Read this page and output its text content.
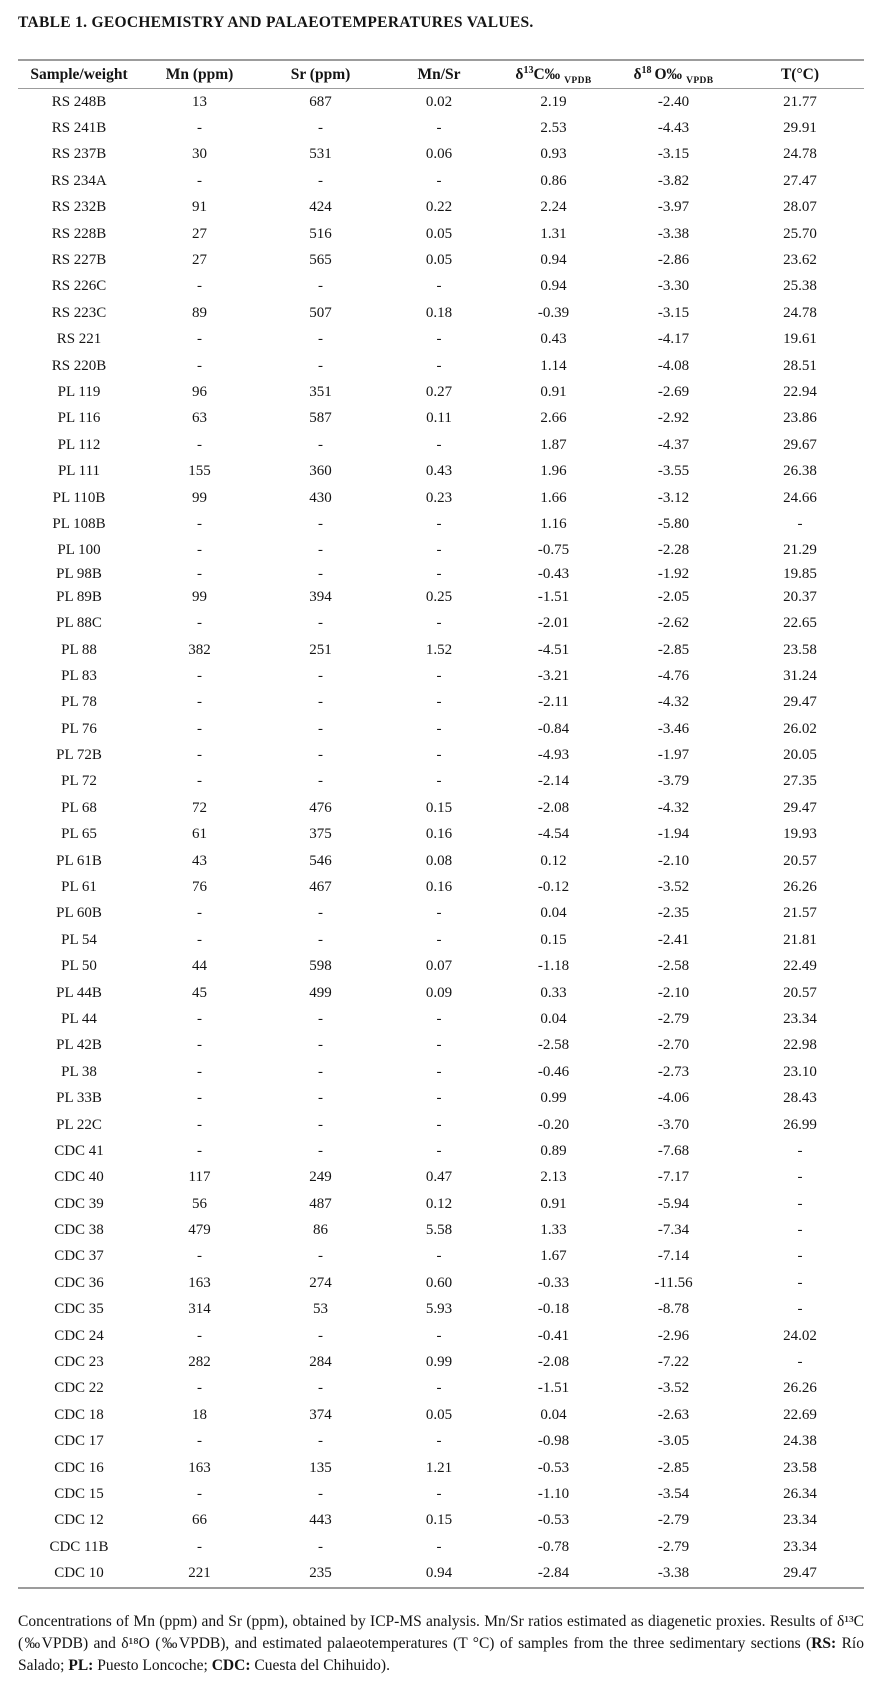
TABLE 1. GEOCHEMISTRY AND PALAEOTEMPERATURES VALUES.
Sample/weight	Mn (ppm)	Sr (ppm)	Mn/Sr	$\delta^{13}C‰$ $_{VPDB}$	$\delta^{18}$ O‰ $_{VPDB}$	T(°C)
RS 248B	13	687	0.02	2.19	-2.40	21.77
RS 241B	-	-	-	2.53	-4.43	29.91
RS 237B	30	531	0.06	0.93	-3.15	24.78
RS 234A	-	-	-	0.86	-3.82	27.47
RS 232B	91	424	0.22	2.24	-3.97	28.07
RS 228B	27	516	0.05	1.31	-3.38	25.70
RS 227B	27	565	0.05	0.94	-2.86	23.62
RS 226C	-	-	-	0.94	-3.30	25.38
RS 223C	89	507	0.18	-0.39	-3.15	24.78
RS 221	-	-	-	0.43	-4.17	19.61
RS 220B	-	-	-	1.14	-4.08	28.51
PL 119	96	351	0.27	0.91	-2.69	22.94
PL 116	63	587	0.11	2.66	-2.92	23.86
PL 112	-	-	-	1.87	-4.37	29.67
PL 111	155	360	0.43	1.96	-3.55	26.38
PL 110B	99	430	0.23	1.66	-3.12	24.66
PL 108B	-	-	-	1.16	-5.80	-
PL 100	-	-	-	-0.75	-2.28	21.29
PL 98B	-	-	-	-0.43	-1.92	19.85
PL 89B	99	394	0.25	-1.51	-2.05	20.37
PL 88C	-	-	-	-2.01	-2.62	22.65
PL 88	382	251	1.52	-4.51	-2.85	23.58
PL 83	-	-	-	-3.21	-4.76	31.24
PL 78	-	-	-	-2.11	-4.32	29.47
PL 76	-	-	-	-0.84	-3.46	26.02
PL 72B	-	-	-	-4.93	-1.97	20.05
PL 72	-	-	-	-2.14	-3.79	27.35
PL 68	72	476	0.15	-2.08	-4.32	29.47
PL 65	61	375	0.16	-4.54	-1.94	19.93
PL 61B	43	546	0.08	0.12	-2.10	20.57
PL 61	76	467	0.16	-0.12	-3.52	26.26
PL 60B	-	-	-	0.04	-2.35	21.57
PL 54	-	-	-	0.15	-2.41	21.81
PL 50	44	598	0.07	-1.18	-2.58	22.49
PL 44B	45	499	0.09	0.33	-2.10	20.57
PL 44	-	-	-	0.04	-2.79	23.34
PL 42B	-	-	-	-2.58	-2.70	22.98
PL 38	-	-	-	-0.46	-2.73	23.10
PL 33B	-	-	-	0.99	-4.06	28.43
PL 22C	-	-	-	-0.20	-3.70	26.99
CDC 41	-	-	-	0.89	-7.68	-
CDC 40	117	249	0.47	2.13	-7.17	-
CDC 39	56	487	0.12	0.91	-5.94	-
CDC 38	479	86	5.58	1.33	-7.34	-
CDC 37	-	-	-	1.67	-7.14	-
CDC 36	163	274	0.60	-0.33	-11.56	-
CDC 35	314	53	5.93	-0.18	-8.78	-
CDC 24	-	-	-	-0.41	-2.96	24.02
CDC 23	282	284	0.99	-2.08	-7.22	-
CDC 22	-	-	-	-1.51	-3.52	26.26
CDC 18	18	374	0.05	0.04	-2.63	22.69
CDC 17	-	-	-	-0.98	-3.05	24.38
CDC 16	163	135	1.21	-0.53	-2.85	23.58
CDC 15	-	-	-	-1.10	-3.54	26.34
CDC 12	66	443	0.15	-0.53	-2.79	23.34
CDC 11B	-	-	-	-0.78	-2.79	23.34
CDC 10	221	235	0.94	-2.84	-3.38	29.47

Concentrations of Mn (ppm) and Sr (ppm), obtained by ICP-MS analysis. Mn/Sr ratios estimated as diagenetic proxies. Results of δ¹³C (‰VPDB) and δ¹⁸O (‰VPDB), and estimated palaeotemperatures (T °C) of samples from the three sedimentary sections (RS: Río Salado; PL: Puesto Loncoche; CDC: Cuesta del Chihuido).
